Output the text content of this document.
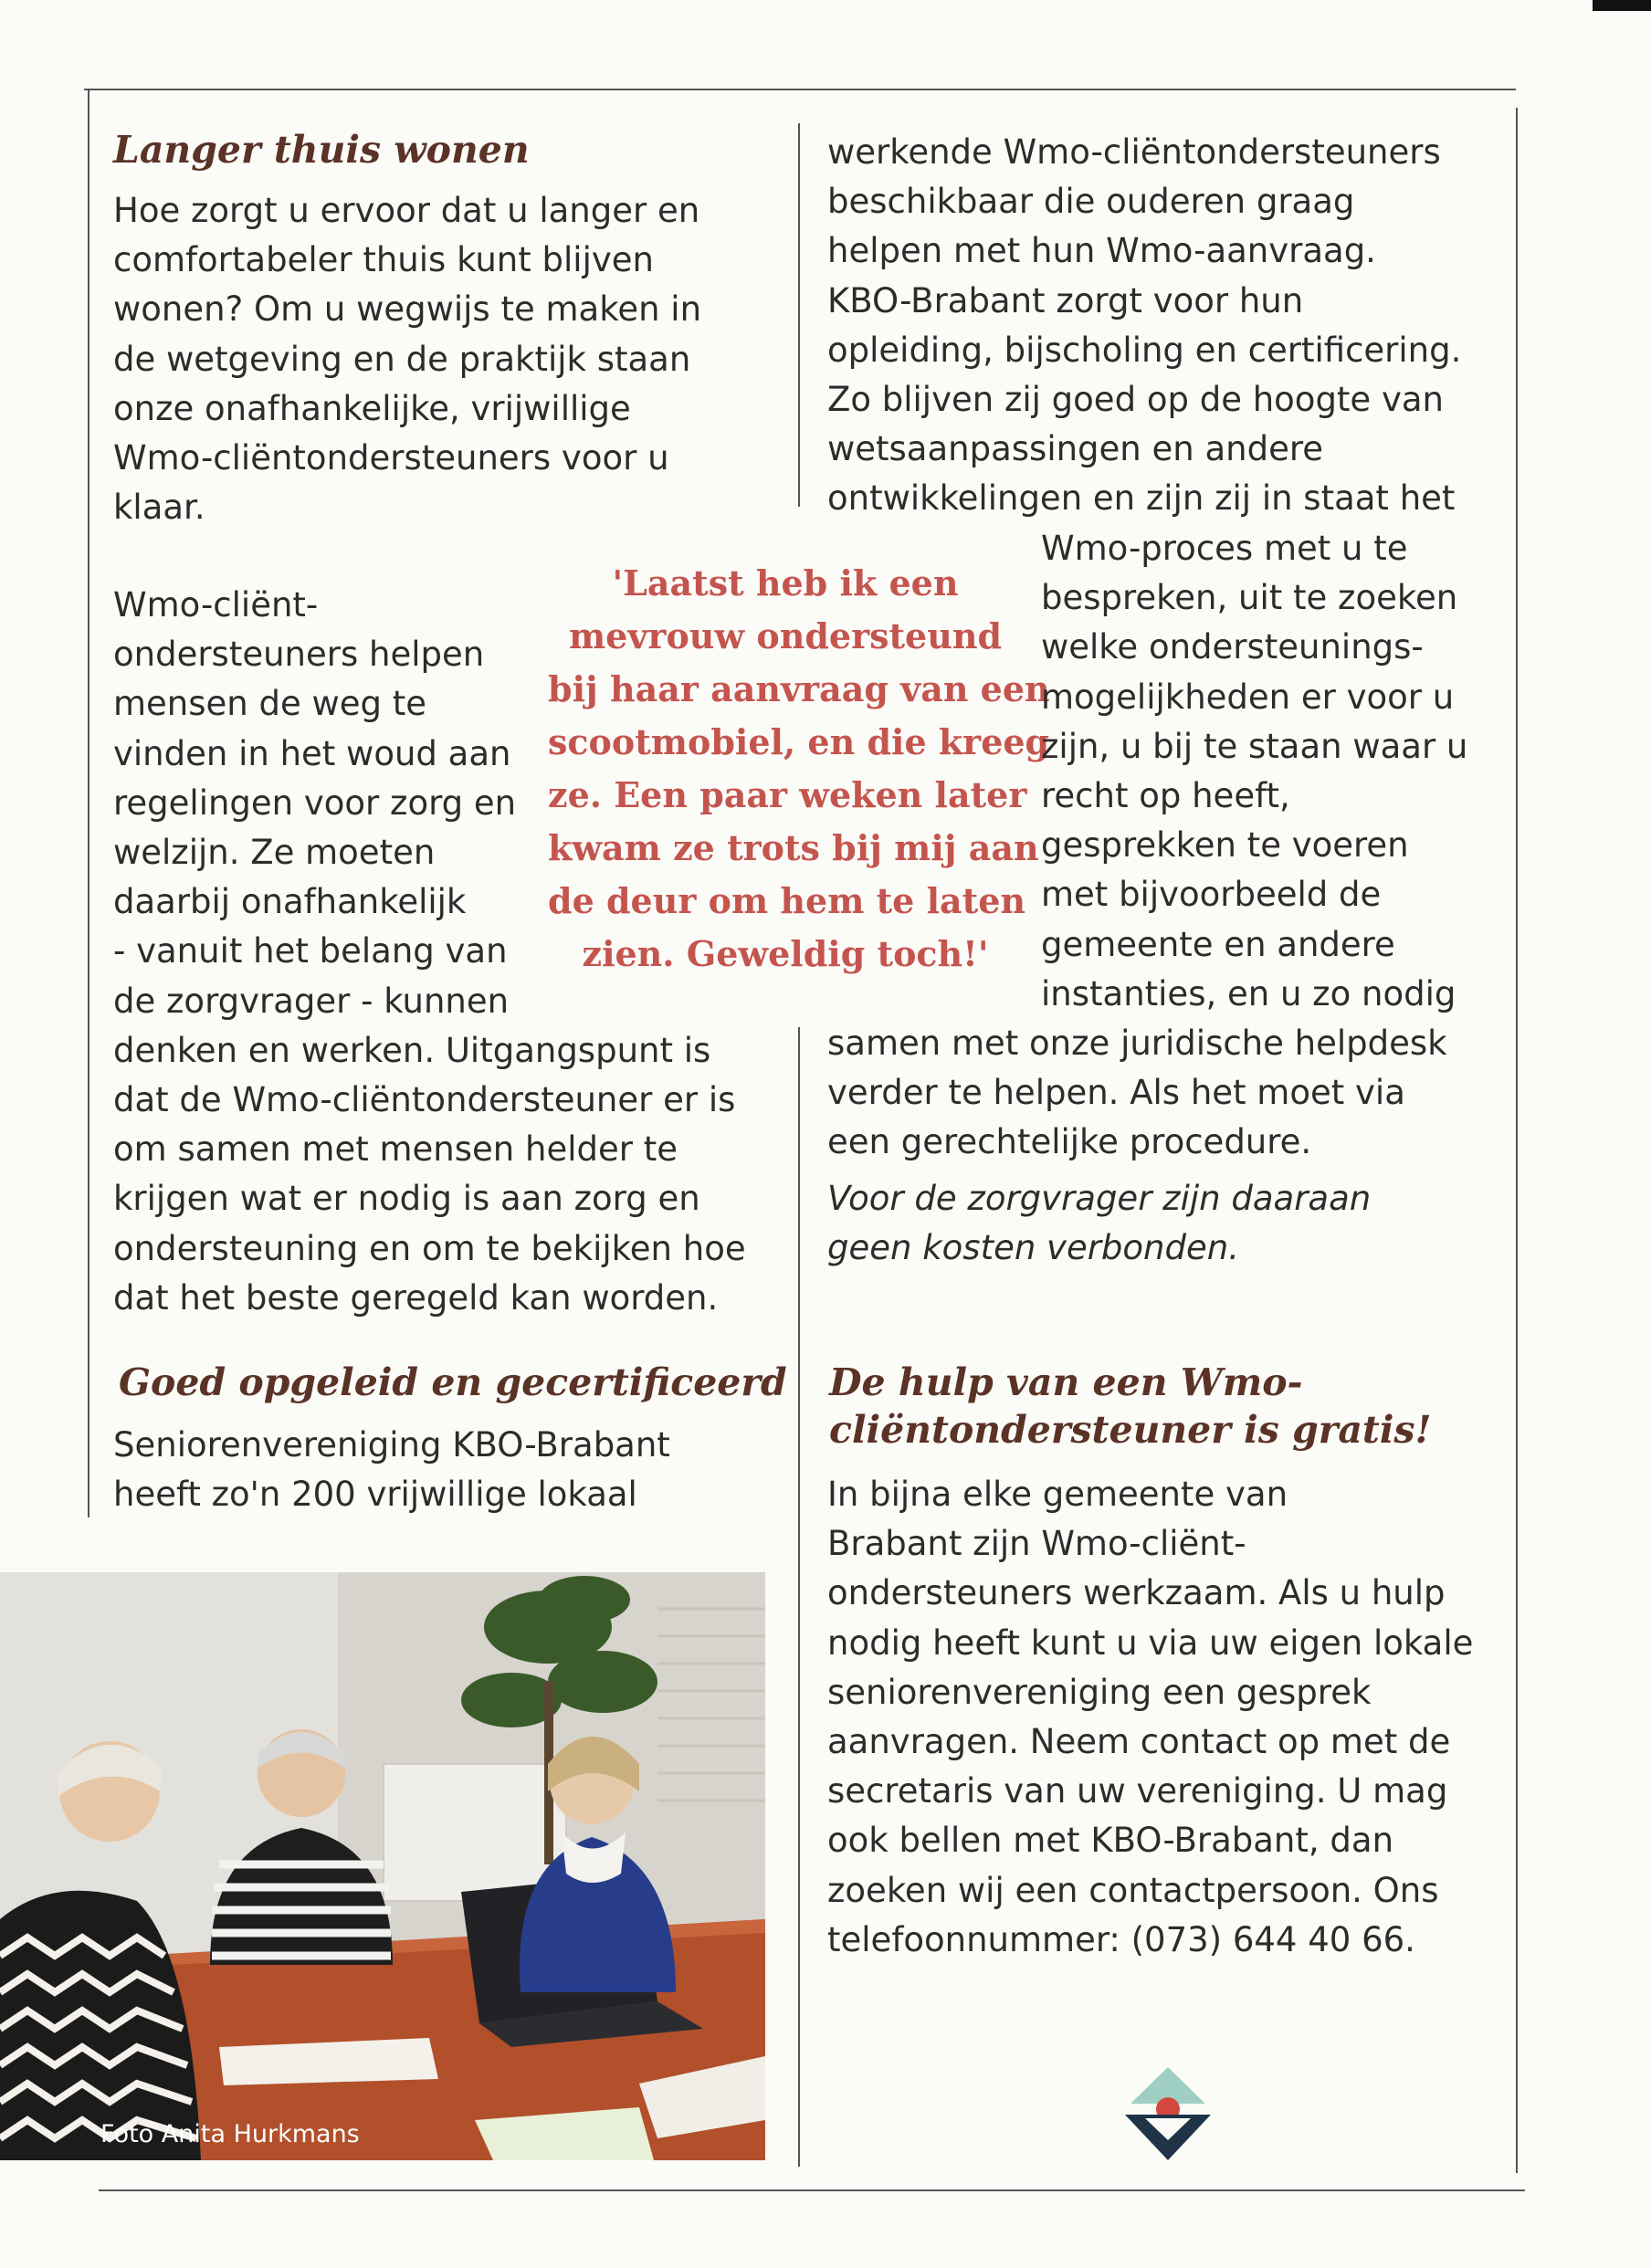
Langer thuis wonen
Hoe zorgt u ervoor dat u langer en
comfortabeler thuis kunt blijven
wonen? Om u wegwijs te maken in
de wetgeving en de praktijk staan
onze onafhankelijke, vrijwillige
Wmo-cliëntondersteuners voor u
klaar.
Wmo-cliënt-
ondersteuners helpen
mensen de weg te
vinden in het woud aan
regelingen voor zorg en
welzijn. Ze moeten
daarbij onafhankelijk
- vanuit het belang van
de zorgvrager - kunnen
denken en werken. Uitgangspunt is
dat de Wmo-cliëntondersteuner er is
om samen met mensen helder te
krijgen wat er nodig is aan zorg en
ondersteuning en om te bekijken hoe
dat het beste geregeld kan worden.
Goed opgeleid en gecertificeerd
Seniorenvereniging KBO-Brabant
heeft zo'n 200 vrijwillige lokaal
'Laatst heb ik een
mevrouw ondersteund
bij haar aanvraag van een
scootmobiel, en die kreeg
ze. Een paar weken later
kwam ze trots bij mij aan
de deur om hem te laten
zien. Geweldig toch!'
werkende Wmo-cliëntondersteuners
beschikbaar die ouderen graag
helpen met hun Wmo-aanvraag.
KBO-Brabant zorgt voor hun
opleiding, bijscholing en certificering.
Zo blijven zij goed op de hoogte van
wetsaanpassingen en andere
ontwikkelingen en zijn zij in staat het
Wmo-proces met u te
bespreken, uit te zoeken
welke ondersteunings-
mogelijkheden er voor u
zijn, u bij te staan waar u
recht op heeft,
gesprekken te voeren
met bijvoorbeeld de
gemeente en andere
instanties, en u zo nodig
samen met onze juridische helpdesk
verder te helpen. Als het moet via
een gerechtelijke procedure.
Voor de zorgvrager zijn daaraan
geen kosten verbonden.
De hulp van een Wmo-
cliëntondersteuner is gratis!
In bijna elke gemeente van
Brabant zijn Wmo-cliënt-
ondersteuners werkzaam. Als u hulp
nodig heeft kunt u via uw eigen lokale
seniorenvereniging een gesprek
aanvragen. Neem contact op met de
secretaris van uw vereniging. U mag
ook bellen met KBO-Brabant, dan
zoeken wij een contactpersoon. Ons
telefoonnummer: (073) 644 40 66.

Foto Anita Hurkmans
